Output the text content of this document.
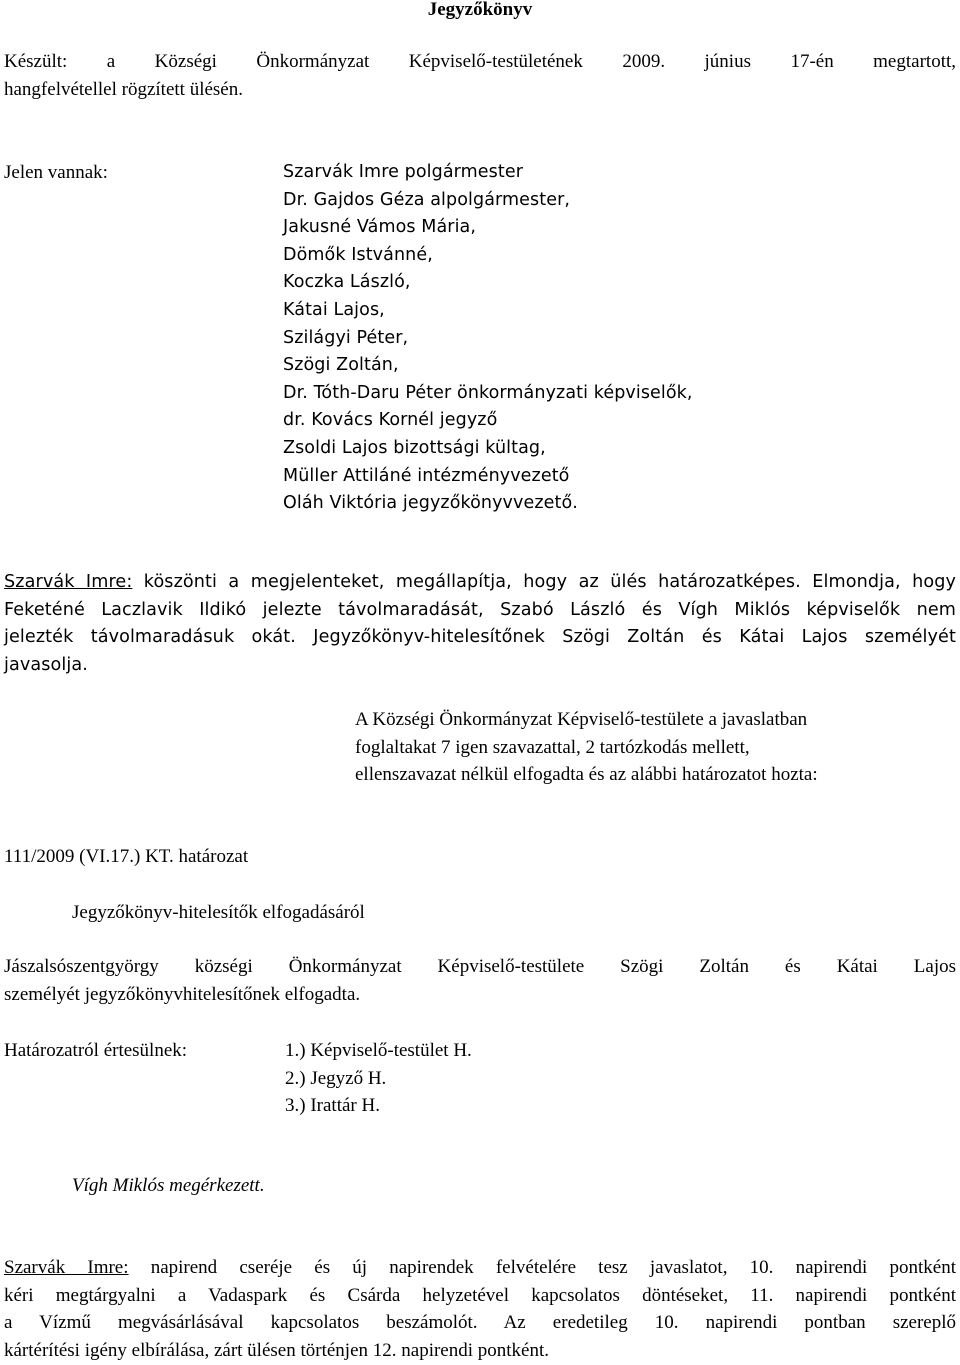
Jegyzőkönyv
Készült: a Községi Önkormányzat Képviselő-testületének 2009. június 17-én megtartott,
hangfelvétellel rögzített ülésén.
Jelen vannak:	Szarvák Imre polgármester
Dr. Gajdos Géza alpolgármester,
Jakusné Vámos Mária,
Dömők Istvánné,
Koczka László,
Kátai Lajos,
Szilágyi Péter,
Szögi Zoltán,
Dr. Tóth-Daru Péter önkormányzati képviselők,
dr. Kovács Kornél jegyző
Zsoldi Lajos bizottsági kültag,
Müller Attiláné intézményvezető
Oláh Viktória jegyzőkönyvvezető.
Szarvák Imre: köszönti a megjelenteket, megállapítja, hogy az ülés határozatképes. Elmondja, hogy
Feketéné Laczlavik Ildikó jelezte távolmaradását, Szabó László és Vígh Miklós képviselők nem
jelezték távolmaradásuk okát. Jegyzőkönyv-hitelesítőnek Szögi Zoltán és Kátai Lajos személyét
javasolja.
A Községi Önkormányzat Képviselő-testülete a javaslatban
foglaltakat 7 igen szavazattal, 2 tartózkodás mellett,
ellenszavazat nélkül elfogadta és az alábbi határozatot hozta:
111/2009 (VI.17.) KT. határozat
Jegyzőkönyv-hitelesítők elfogadásáról
Jászalsószentgyörgy községi Önkormányzat Képviselő-testülete Szögi Zoltán és Kátai Lajos
személyét jegyzőkönyvhitelesítőnek elfogadta.
Határozatról értesülnek:	1.) Képviselő-testület H.
2.) Jegyző H.
3.) Irattár H.
Vígh Miklós megérkezett.
Szarvák Imre: napirend cseréje és új napirendek felvételére tesz javaslatot, 10. napirendi pontként
kéri megtárgyalni a Vadaspark és Csárda helyzetével kapcsolatos döntéseket, 11. napirendi pontként
a Vízmű megvásárlásával kapcsolatos beszámolót. Az eredetileg 10. napirendi pontban szereplő
kártérítési igény elbírálása, zárt ülésen történjen 12. napirendi pontként.
